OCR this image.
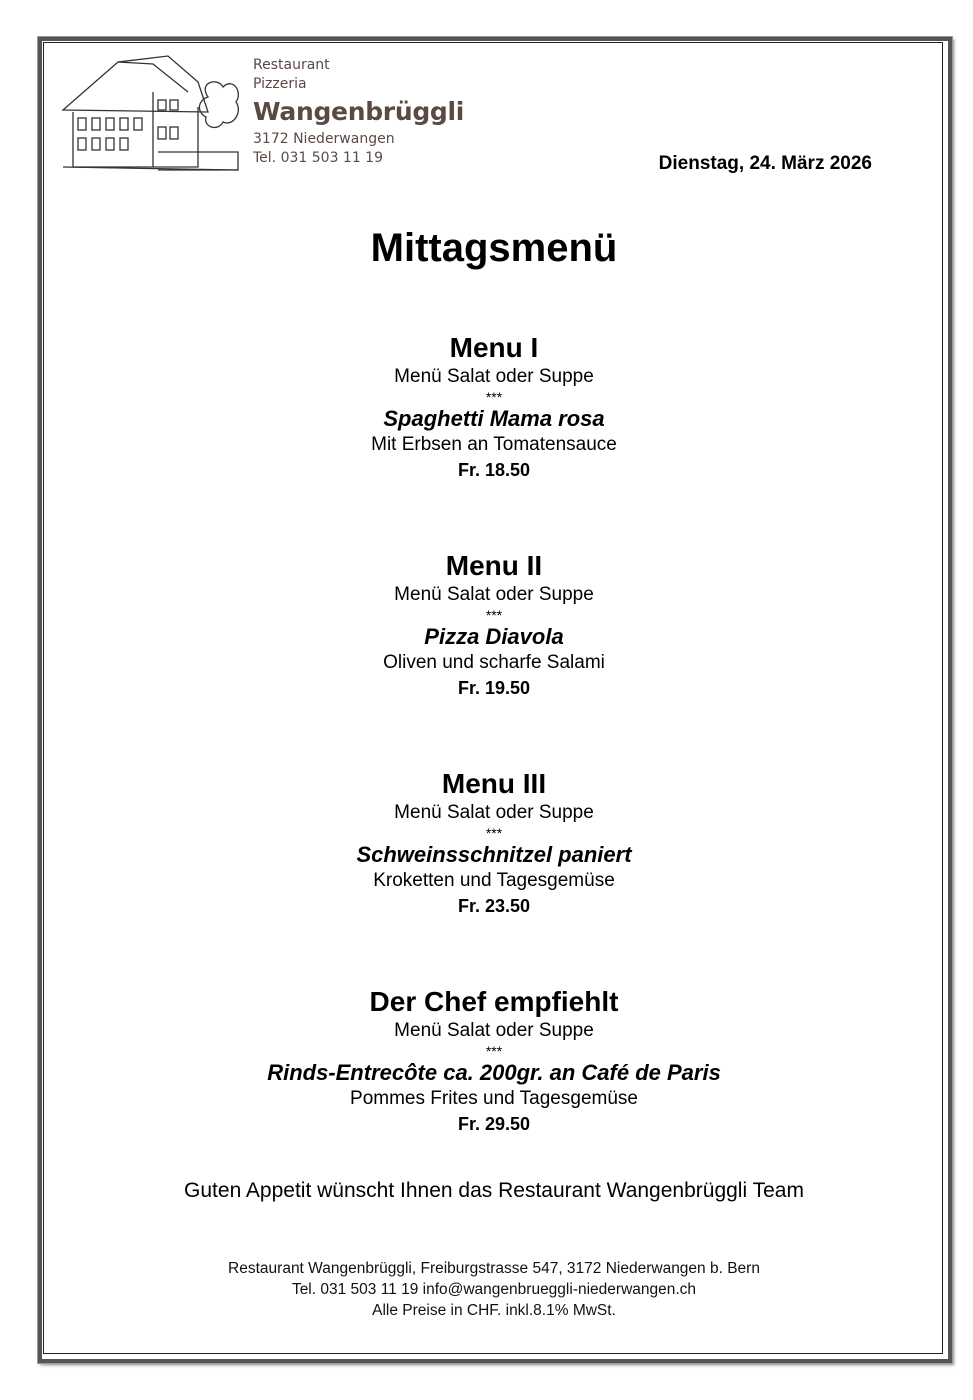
Restaurant
Pizzeria
Wangenbrüggli
3172 Niederwangen
Tel. 031 503 11 19	Dienstag, 24. März 2026
Mittagsmenü
Menu I
Menü Salat oder Suppe
***
Spaghetti Mama rosa
Mit Erbsen an Tomatensauce
Fr. 18.50
Menu II
Menü Salat oder Suppe
***
Pizza Diavola
Oliven und scharfe Salami
Fr. 19.50
Menu III
Menü Salat oder Suppe
***
Schweinsschnitzel paniert
Kroketten und Tagesgemüse
Fr. 23.50
Der Chef empfiehlt
Menü Salat oder Suppe
***
Rinds-Entrecôte ca. 200gr. an Café de Paris
Pommes Frites und Tagesgemüse
Fr. 29.50
Guten Appetit wünscht Ihnen das Restaurant Wangenbrüggli Team
Restaurant Wangenbrüggli, Freiburgstrasse 547, 3172 Niederwangen b. Bern
Tel. 031 503 11 19 info@wangenbrueggli-niederwangen.ch
Alle Preise in CHF. inkl.8.1% MwSt.
